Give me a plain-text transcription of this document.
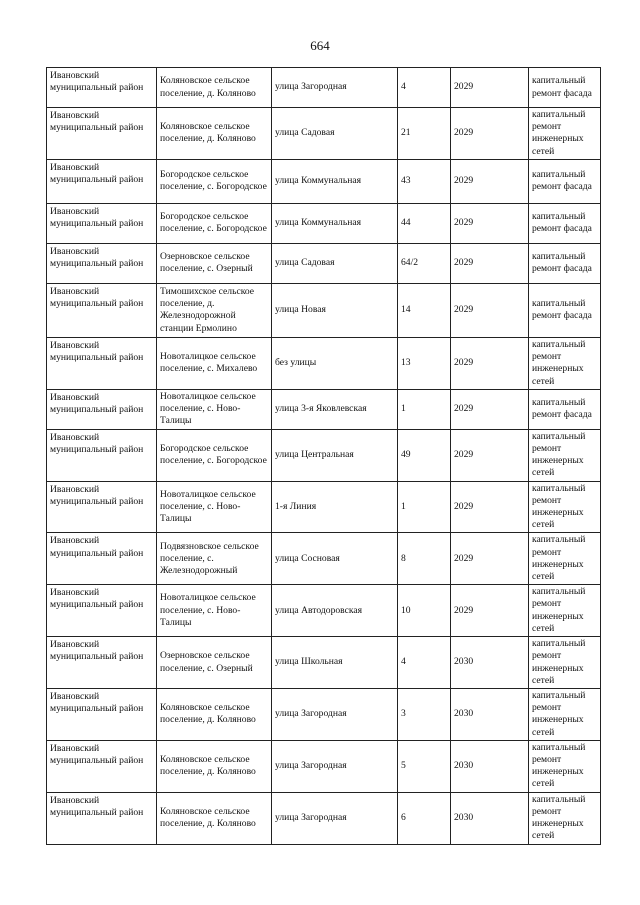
664
Ивановский муниципальный район	Коляновское сельское поселение, д. Коляново	улица Загородная	4	2029	капитальный ремонт фасада
Ивановский муниципальный район	Коляновское сельское поселение, д. Коляново	улица Садовая	21	2029	капитальный ремонт инженерных сетей
Ивановский муниципальный район	Богородское сельское поселение, с. Богородское	улица Коммунальная	43	2029	капитальный ремонт фасада
Ивановский муниципальный район	Богородское сельское поселение, с. Богородское	улица Коммунальная	44	2029	капитальный ремонт фасада
Ивановский муниципальный район	Озерновское сельское поселение, с. Озерный	улица Садовая	64/2	2029	капитальный ремонт фасада
Ивановский муниципальный район	Тимошихское сельское поселение, д. Железнодорожной станции Ермолино	улица Новая	14	2029	капитальный ремонт фасада
Ивановский муниципальный район	Новоталицкое сельское поселение, с. Михалево	без улицы	13	2029	капитальный ремонт инженерных сетей
Ивановский муниципальный район	Новоталицкое сельское поселение, с. Ново-Талицы	улица 3-я Яковлевская	1	2029	капитальный ремонт фасада
Ивановский муниципальный район	Богородское сельское поселение, с. Богородское	улица Центральная	49	2029	капитальный ремонт инженерных сетей
Ивановский муниципальный район	Новоталицкое сельское поселение, с. Ново-Талицы	1-я Линия	1	2029	капитальный ремонт инженерных сетей
Ивановский муниципальный район	Подвязновское сельское поселение, с. Железнодорожный	улица Сосновая	8	2029	капитальный ремонт инженерных сетей
Ивановский муниципальный район	Новоталицкое сельское поселение, с. Ново-Талицы	улица Автодоровская	10	2029	капитальный ремонт инженерных сетей
Ивановский муниципальный район	Озерновское сельское поселение, с. Озерный	улица Школьная	4	2030	капитальный ремонт инженерных сетей
Ивановский муниципальный район	Коляновское сельское поселение, д. Коляново	улица Загородная	3	2030	капитальный ремонт инженерных сетей
Ивановский муниципальный район	Коляновское сельское поселение, д. Коляново	улица Загородная	5	2030	капитальный ремонт инженерных сетей
Ивановский муниципальный район	Коляновское сельское поселение, д. Коляново	улица Загородная	6	2030	капитальный ремонт инженерных сетей
